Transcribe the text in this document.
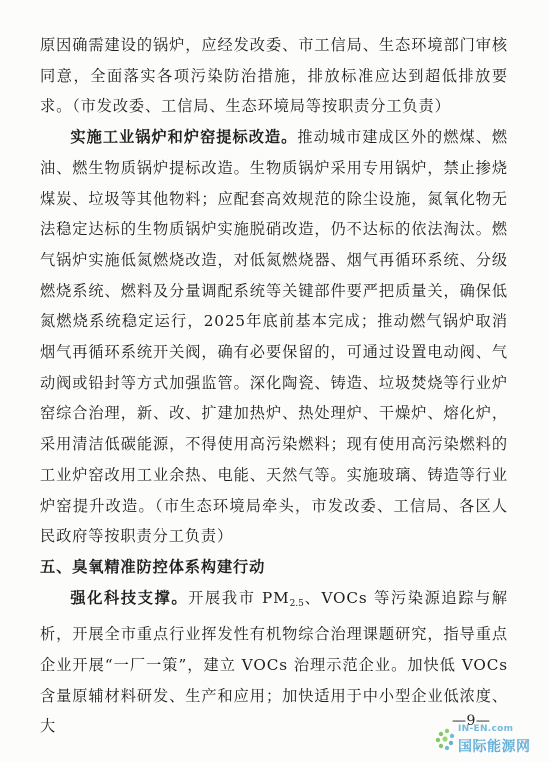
原因确需建设的锅炉，应经发改委、市工信局、生态环境部门审核同意，全面落实各项污染防治措施，排放标准应达到超低排放要求。（市发改委、工信局、生态环境局等按职责分工负责）

实施工业锅炉和炉窑提标改造。推动城市建成区外的燃煤、燃油、燃生物质锅炉提标改造。生物质锅炉采用专用锅炉，禁止掺烧煤炭、垃圾等其他物料；应配套高效规范的除尘设施，氮氧化物无法稳定达标的生物质锅炉实施脱硝改造，仍不达标的依法淘汰。燃气锅炉实施低氮燃烧改造，对低氮燃烧器、烟气再循环系统、分级燃烧系统、燃料及分量调配系统等关键部件要严把质量关，确保低氮燃烧系统稳定运行，2025年底前基本完成；推动燃气锅炉取消烟气再循环系统开关阀，确有必要保留的，可通过设置电动阀、气动阀或铅封等方式加强监管。深化陶瓷、铸造、垃圾焚烧等行业炉窑综合治理，新、改、扩建加热炉、热处理炉、干燥炉、熔化炉，采用清洁低碳能源，不得使用高污染燃料；现有使用高污染燃料的工业炉窑改用工业余热、电能、天然气等。实施玻璃、铸造等行业炉窑提升改造。（市生态环境局牵头，市发改委、工信局、各区人民政府等按职责分工负责）

五、臭氧精准防控体系构建行动

强化科技支撑。开展我市 PM2.5、VOCs 等污染源追踪与解析，开展全市重点行业挥发性有机物综合治理课题研究，指导重点企业开展“一厂一策”，建立 VOCs 治理示范企业。加快低 VOCs 含量原辅材料研发、生产和应用；加快适用于中小型企业低浓度、大	—9—
IN-EN.com
国际能源网
